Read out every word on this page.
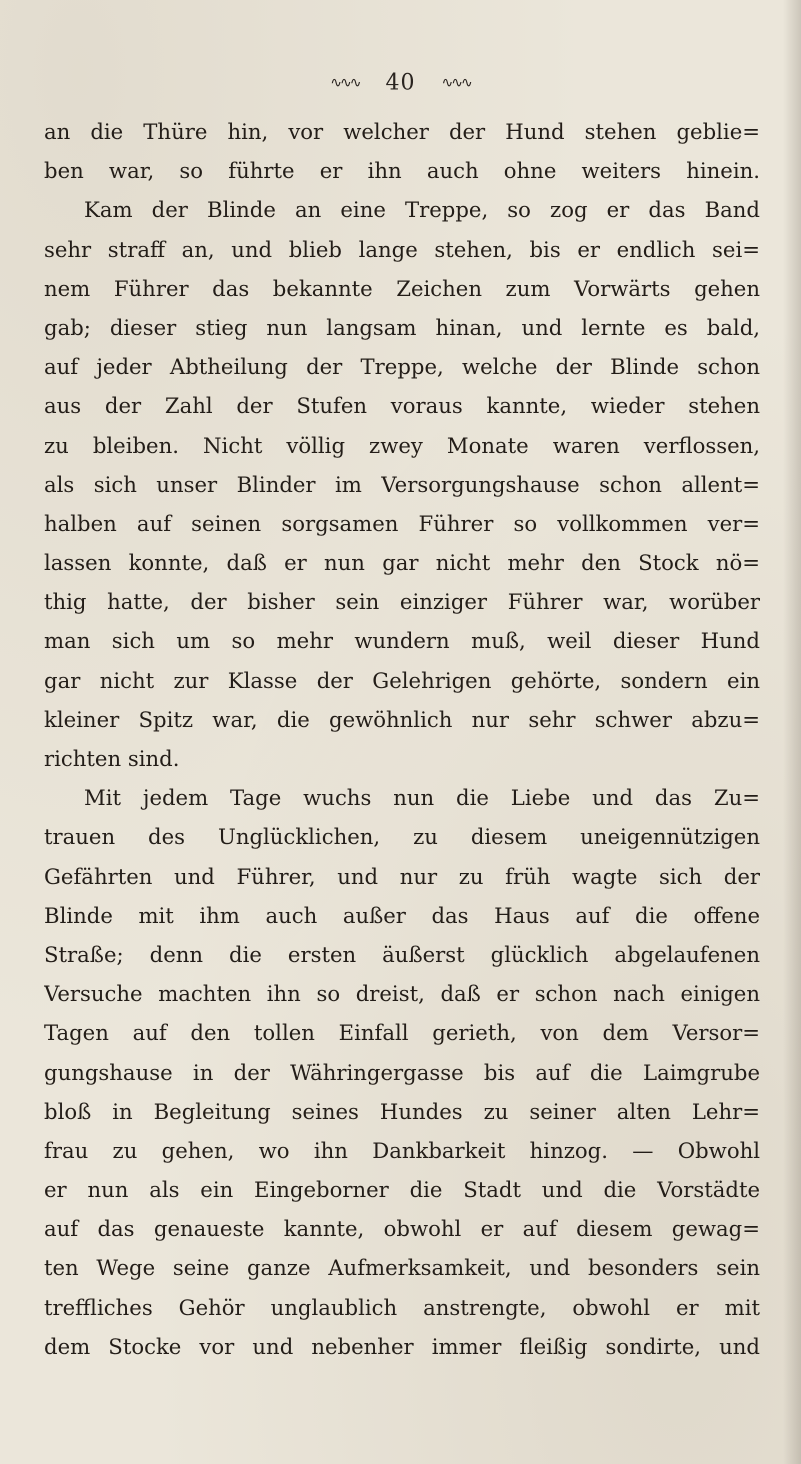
∿∿∿ 40 ∿∿∿
an die Thüre hin, vor welcher der Hund stehen geblie=
ben war, so führte er ihn auch ohne weiters hinein.
Kam der Blinde an eine Treppe, so zog er das Band
sehr straff an, und blieb lange stehen, bis er endlich sei=
nem Führer das bekannte Zeichen zum Vorwärts gehen
gab; dieser stieg nun langsam hinan, und lernte es bald,
auf jeder Abtheilung der Treppe, welche der Blinde schon
aus der Zahl der Stufen voraus kannte, wieder stehen
zu bleiben. Nicht völlig zwey Monate waren verflossen,
als sich unser Blinder im Versorgungshause schon allent=
halben auf seinen sorgsamen Führer so vollkommen ver=
lassen konnte, daß er nun gar nicht mehr den Stock nö=
thig hatte, der bisher sein einziger Führer war, worüber
man sich um so mehr wundern muß, weil dieser Hund
gar nicht zur Klasse der Gelehrigen gehörte, sondern ein
kleiner Spitz war, die gewöhnlich nur sehr schwer abzu=
richten sind.
Mit jedem Tage wuchs nun die Liebe und das Zu=
trauen des Unglücklichen, zu diesem uneigennützigen
Gefährten und Führer, und nur zu früh wagte sich der
Blinde mit ihm auch außer das Haus auf die offene
Straße; denn die ersten äußerst glücklich abgelaufenen
Versuche machten ihn so dreist, daß er schon nach einigen
Tagen auf den tollen Einfall gerieth, von dem Versor=
gungshause in der Währingergasse bis auf die Laimgrube
bloß in Begleitung seines Hundes zu seiner alten Lehr=
frau zu gehen, wo ihn Dankbarkeit hinzog. — Obwohl
er nun als ein Eingeborner die Stadt und die Vorstädte
auf das genaueste kannte, obwohl er auf diesem gewag=
ten Wege seine ganze Aufmerksamkeit, und besonders sein
treffliches Gehör unglaublich anstrengte, obwohl er mit
dem Stocke vor und nebenher immer fleißig sondirte, und
